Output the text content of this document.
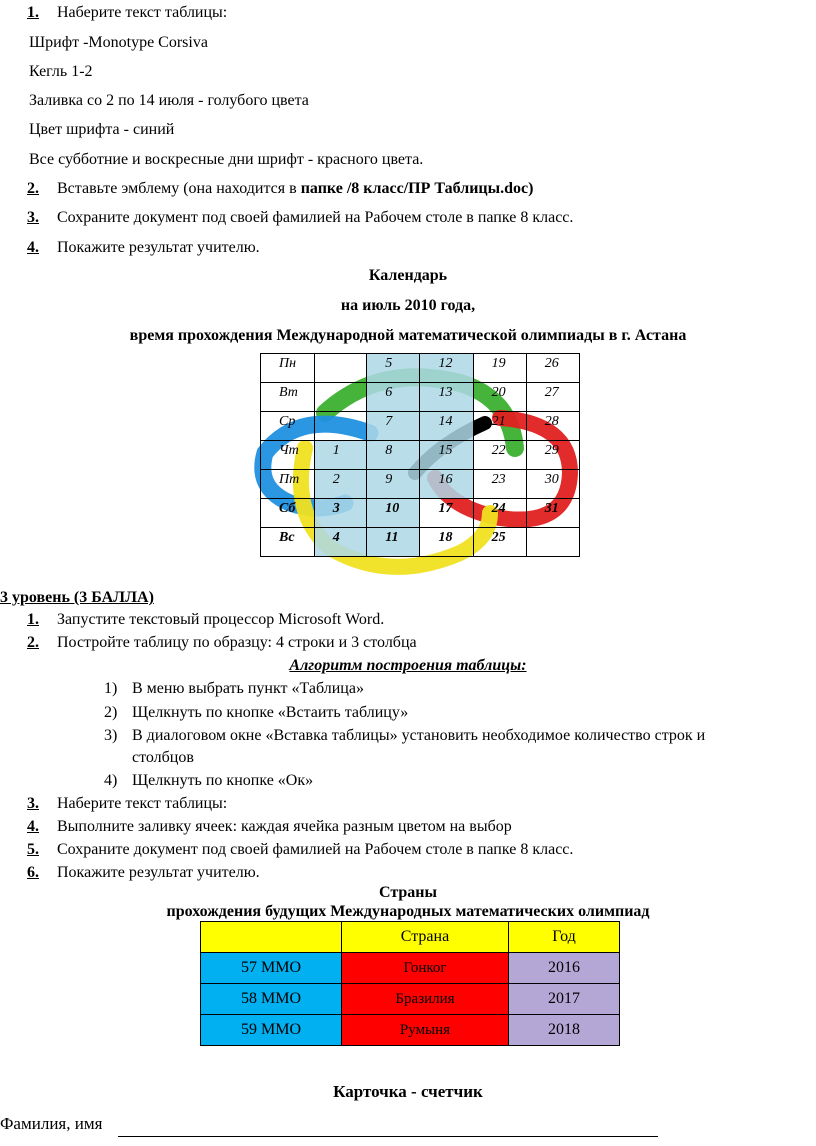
1. Наберите текст таблицы:
Шрифт -Monotype Corsiva
Кегль 1-2
Заливка со 2 по 14 июля - голубого цвета
Цвет шрифта - синий
Все субботние и воскресные дни шрифт - красного цвета.
2. Вставьте эмблему (она находится в папке /8 класс/ПР Таблицы.doc)
3. Сохраните документ под своей фамилией на Рабочем столе в папке 8 класс.
4. Покажите результат учителю.
Календарь
на июль 2010 года,
время прохождения Международной математической олимпиады в г. Астана
Пн		5	12	19	26
Вт		6	13	20	27
Ср		7	14	21	28
Чт	1	8	15	22	29
Пт	2	9	16	23	30
Сб	3	10	17	24	31
Вс	4	11	18	25	
3 уровень (3 БАЛЛА)
1. Запустите текстовый процессор Microsoft Word.
2. Постройте таблицу по образцу: 4 строки и 3 столбца
Алгоритм построения таблицы:
1) В меню выбрать пункт «Таблица»
2) Щелкнуть по кнопке «Встаить таблицу»
3) В диалоговом окне «Вставка таблицы» установить необходимое количество строк и
столбцов
4) Щелкнуть по кнопке «Ок»
3. Наберите текст таблицы:
4. Выполните заливку ячеек: каждая ячейка разным цветом на выбор
5. Сохраните документ под своей фамилией на Рабочем столе в папке 8 класс.
6. Покажите результат учителю.
Страны
прохождения будущих Международных математических олимпиад
	Страна	Год
57 ММО	Гонког	2016
58 ММО	Бразилия	2017
59 ММО	Румыня	2018
Карточка - счетчик
Фамилия, имя
